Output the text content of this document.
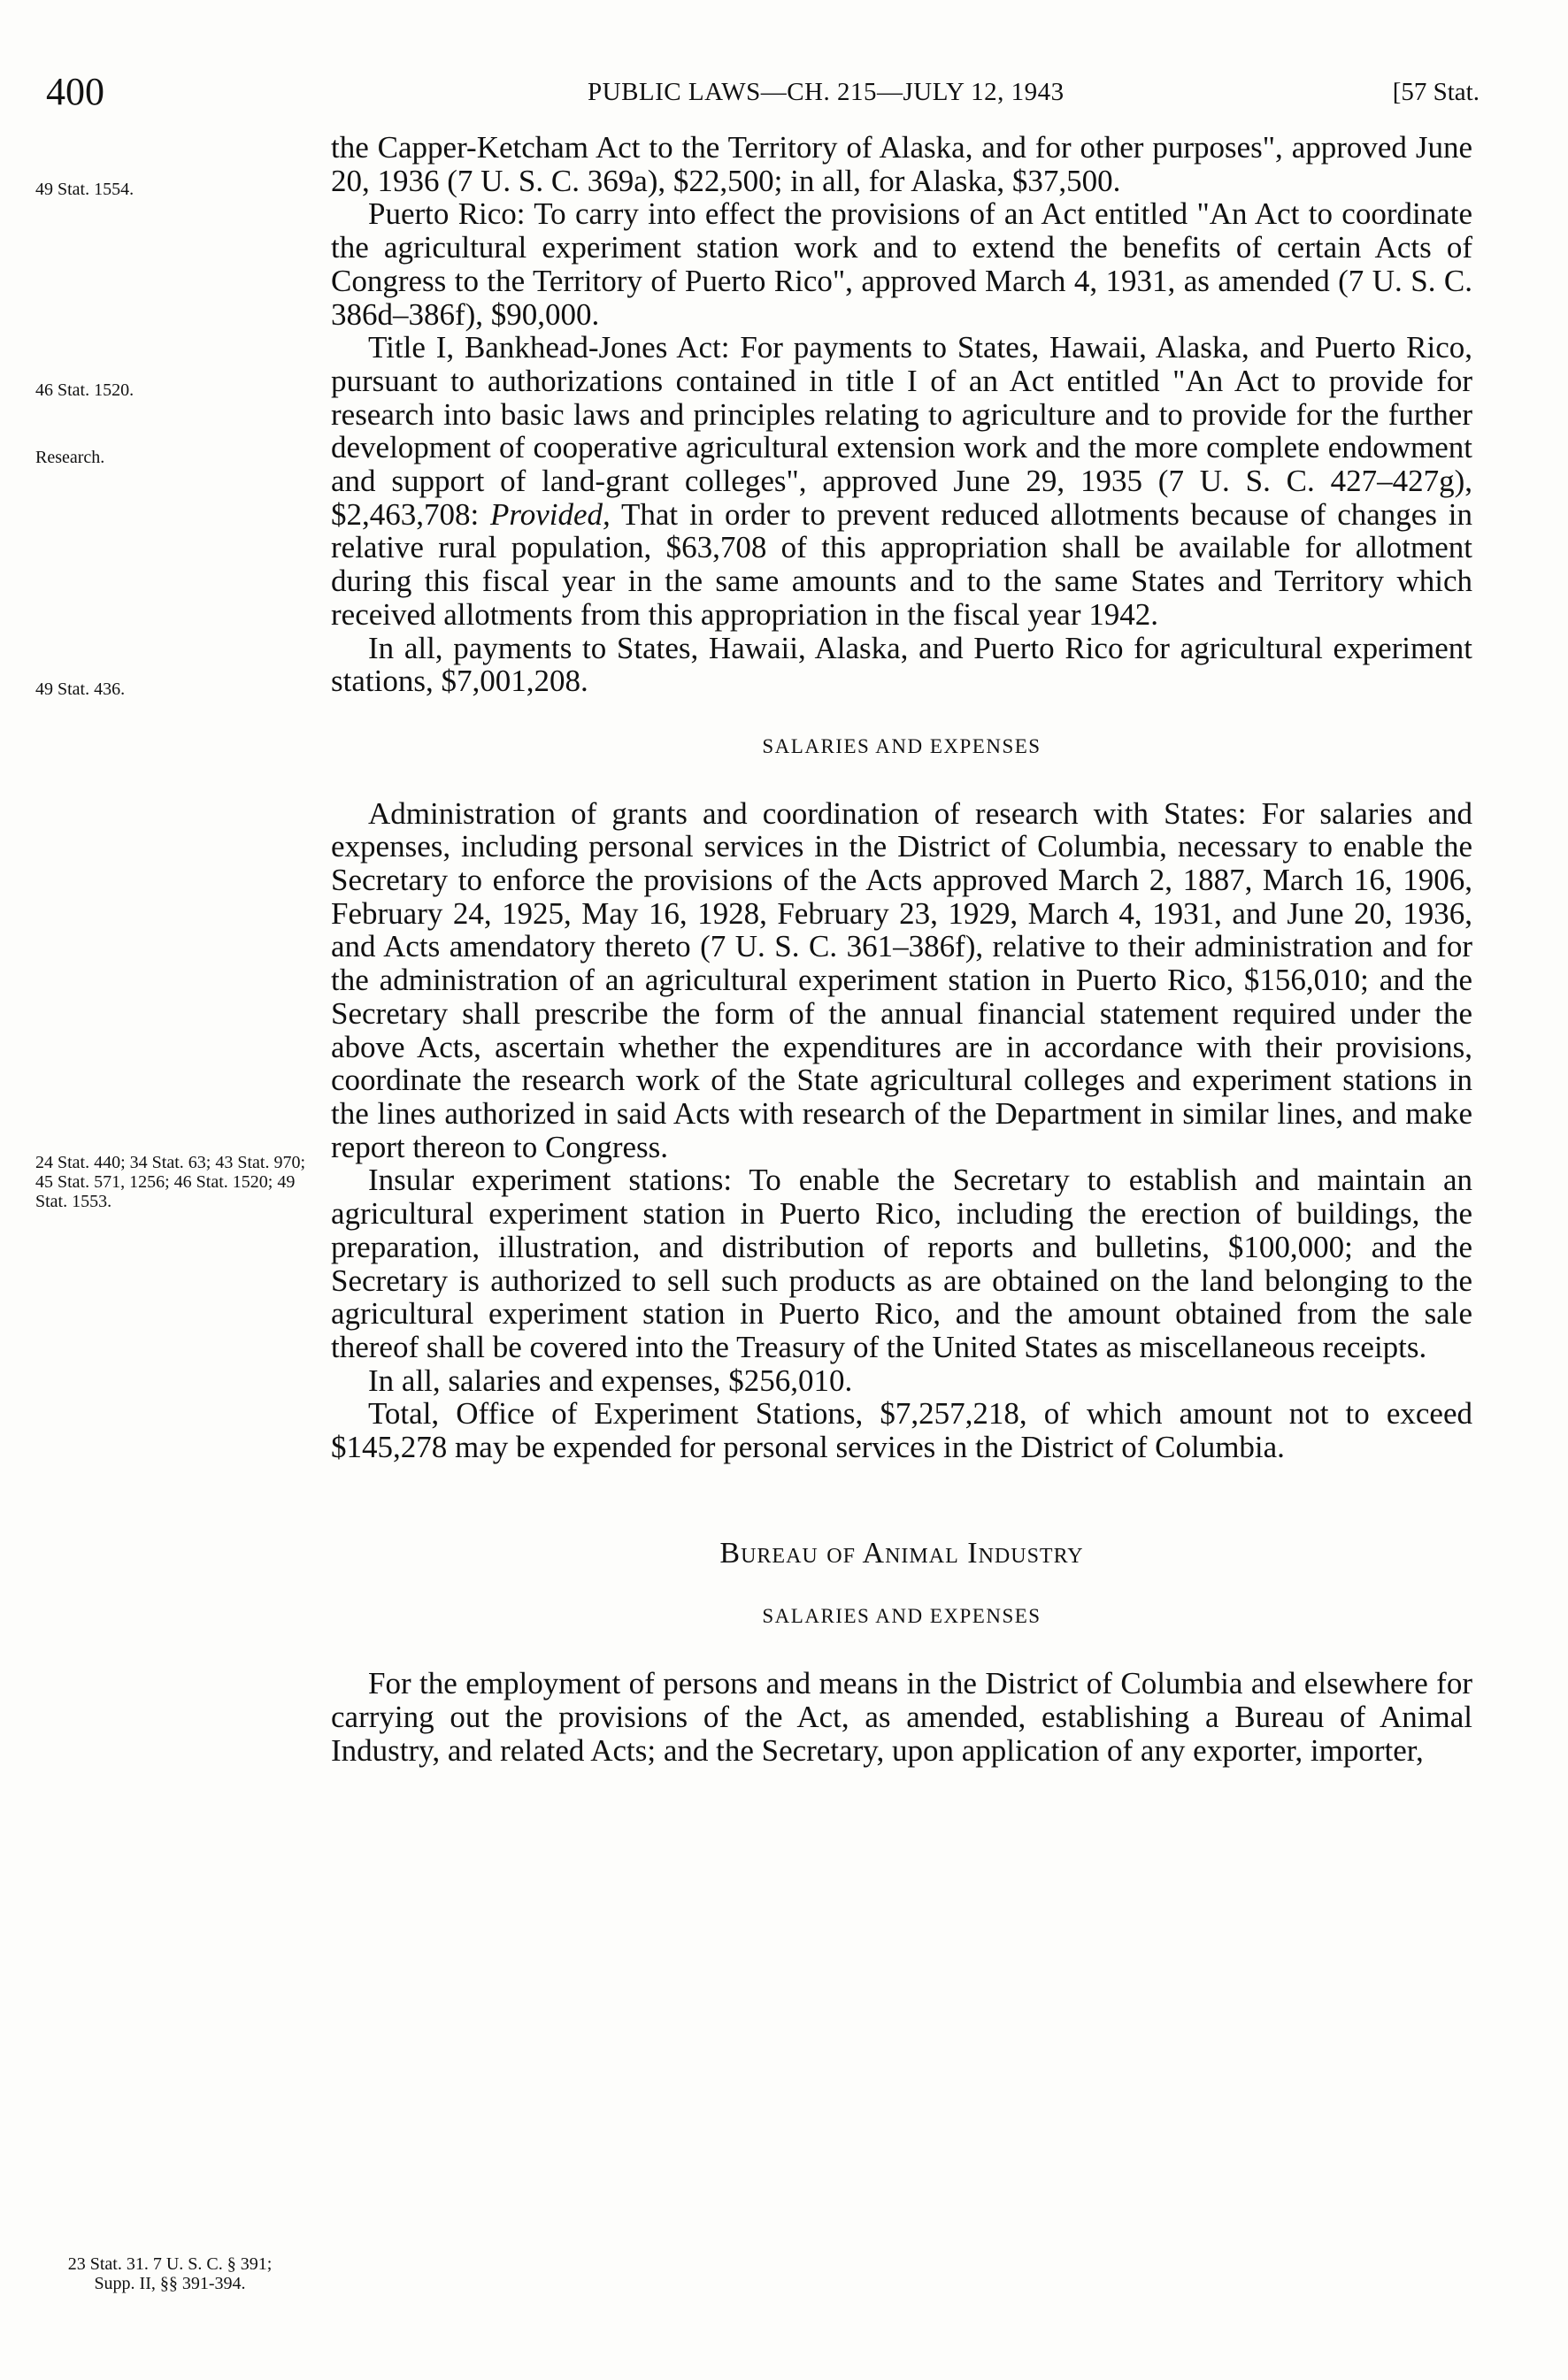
400	PUBLIC LAWS—CH. 215—JULY 12, 1943	[57 Stat.
49 Stat. 1554.
46 Stat. 1520.
Research.
49 Stat. 436.
24 Stat. 440; 34 Stat. 63; 43 Stat. 970; 45 Stat. 571, 1256; 46 Stat. 1520; 49 Stat. 1553.
23 Stat. 31. 7 U. S. C. § 391; Supp. II, §§ 391-394.

the Capper-Ketcham Act to the Territory of Alaska, and for other purposes", approved June 20, 1936 (7 U. S. C. 369a), $22,500; in all, for Alaska, $37,500.

Puerto Rico: To carry into effect the provisions of an Act entitled "An Act to coordinate the agricultural experiment station work and to extend the benefits of certain Acts of Congress to the Territory of Puerto Rico", approved March 4, 1931, as amended (7 U. S. C. 386d–386f), $90,000.

Title I, Bankhead-Jones Act: For payments to States, Hawaii, Alaska, and Puerto Rico, pursuant to authorizations contained in title I of an Act entitled "An Act to provide for research into basic laws and principles relating to agriculture and to provide for the further development of cooperative agricultural extension work and the more complete endowment and support of land-grant colleges", approved June 29, 1935 (7 U. S. C. 427–427g), $2,463,708: Provided, That in order to prevent reduced allotments because of changes in relative rural population, $63,708 of this appropriation shall be available for allotment during this fiscal year in the same amounts and to the same States and Territory which received allotments from this appropriation in the fiscal year 1942.

In all, payments to States, Hawaii, Alaska, and Puerto Rico for agricultural experiment stations, $7,001,208.

SALARIES AND EXPENSES

Administration of grants and coordination of research with States: For salaries and expenses, including personal services in the District of Columbia, necessary to enable the Secretary to enforce the provisions of the Acts approved March 2, 1887, March 16, 1906, February 24, 1925, May 16, 1928, February 23, 1929, March 4, 1931, and June 20, 1936, and Acts amendatory thereto (7 U. S. C. 361–386f), relative to their administration and for the administration of an agricultural experiment station in Puerto Rico, $156,010; and the Secretary shall prescribe the form of the annual financial statement required under the above Acts, ascertain whether the expenditures are in accordance with their provisions, coordinate the research work of the State agricultural colleges and experiment stations in the lines authorized in said Acts with research of the Department in similar lines, and make report thereon to Congress.

Insular experiment stations: To enable the Secretary to establish and maintain an agricultural experiment station in Puerto Rico, including the erection of buildings, the preparation, illustration, and distribution of reports and bulletins, $100,000; and the Secretary is authorized to sell such products as are obtained on the land belonging to the agricultural experiment station in Puerto Rico, and the amount obtained from the sale thereof shall be covered into the Treasury of the United States as miscellaneous receipts.

In all, salaries and expenses, $256,010.

Total, Office of Experiment Stations, $7,257,218, of which amount not to exceed $145,278 may be expended for personal services in the District of Columbia.

Bureau of Animal Industry
SALARIES AND EXPENSES

For the employment of persons and means in the District of Columbia and elsewhere for carrying out the provisions of the Act, as amended, establishing a Bureau of Animal Industry, and related Acts; and the Secretary, upon application of any exporter, importer,
